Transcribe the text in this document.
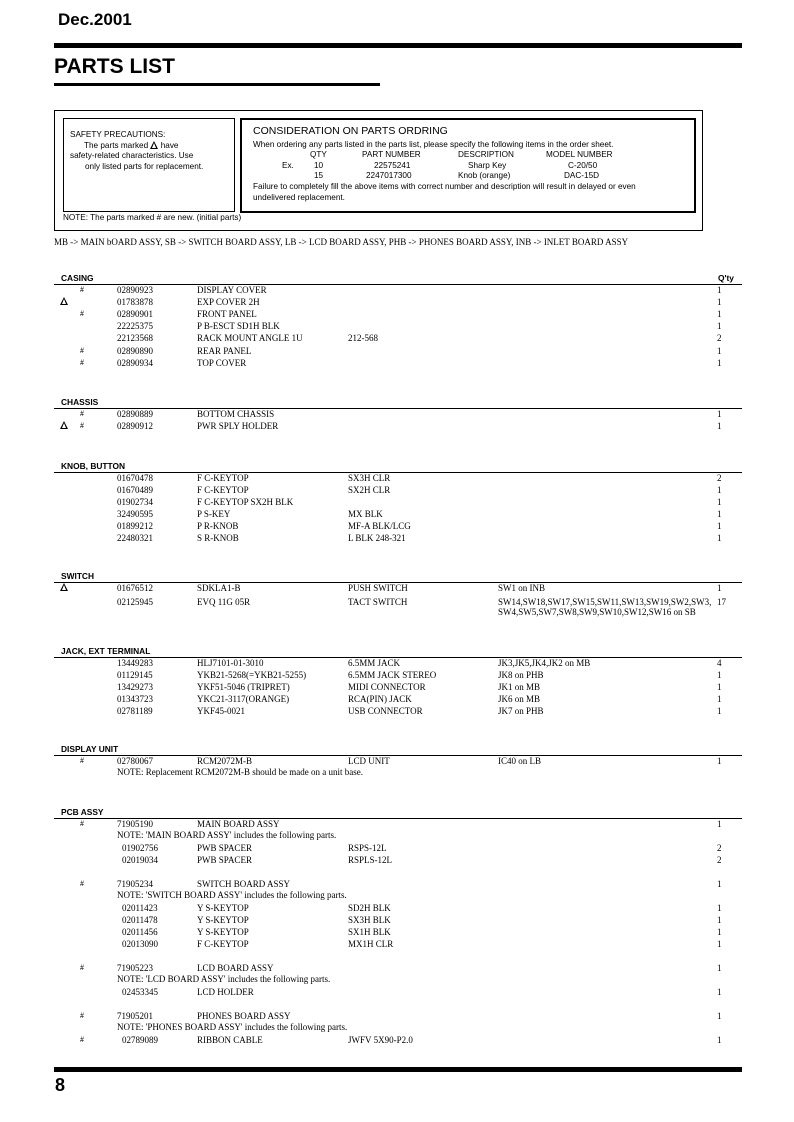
Dec.2001
PARTS LIST
SAFETY PRECAUTIONS:
The parts marked have
safety-related characteristics. Use
only listed parts for replacement.
CONSIDERATION ON PARTS ORDRING
When ordering any parts listed in the parts list, please specify the following items in the order sheet.
QTY	PART NUMBER	DESCRIPTION	MODEL NUMBER
Ex. 10	22575241	Sharp Key	C-20/50
15	2247017300	Knob (orange)	DAC-15D
Failure to completely fill the above items with correct number and description will result in delayed or even
undelivered replacement.
NOTE: The parts marked # are new. (initial parts)
MB -> MAIN bOARD ASSY, SB -> SWITCH BOARD ASSY, LB -> LCD BOARD ASSY, PHB -> PHONES BOARD ASSY, INB -> INLET BOARD ASSY
CASING	Q'ty
#	02890923	DISPLAY COVER	1
01783878	EXP COVER 2H	1
#	02890901	FRONT PANEL	1
22225375	P B-ESCT SD1H BLK	1
22123568	RACK MOUNT ANGLE 1U	212-568	2
#	02890890	REAR PANEL	1
#	02890934	TOP COVER	1
CHASSIS
#	02890889	BOTTOM CHASSIS	1
#	02890912	PWR SPLY HOLDER	1
KNOB, BUTTON
01670478	F C-KEYTOP	SX3H CLR	2
01670489	F C-KEYTOP	SX2H CLR	1
01902734	F C-KEYTOP SX2H BLK	1
32490595	P S-KEY	MX BLK	1
01899212	P R-KNOB	MF-A BLK/LCG	1
22480321	S R-KNOB	L BLK 248-321	1
SWITCH
01676512	SDKLA1-B	PUSH SWITCH	SW1 on INB	1
02125945	EVQ 11G 05R	TACT SWITCH	SW14,SW18,SW17,SW15,SW11,SW13,SW19,SW2,SW3, 17
SW4,SW5,SW7,SW8,SW9,SW10,SW12,SW16 on SB
JACK, EXT TERMINAL
13449283	HLJ7101-01-3010	6.5MM JACK	JK3,JK5,JK4,JK2 on MB	4
01129145	YKB21-5268(=YKB21-5255)	6.5MM JACK STEREO	JK8 on PHB	1
13429273	YKF51-5046 (TRIPRET)	MIDI CONNECTOR	JK1 on MB	1
01343723	YKC21-3117(ORANGE)	RCA(PIN) JACK	JK6 on MB	1
02781189	YKF45-0021	USB CONNECTOR	JK7 on PHB	1
DISPLAY UNIT
#	02780067	RCM2072M-B	LCD UNIT	IC40 on LB	1
NOTE: Replacement RCM2072M-B should be made on a unit base.
PCB ASSY
#	71905190	MAIN BOARD ASSY	1
NOTE: 'MAIN BOARD ASSY' includes the following parts.
01902756	PWB SPACER	RSPS-12L	2
02019034	PWB SPACER	RSPLS-12L	2
#	71905234	SWITCH BOARD ASSY	1
NOTE: 'SWITCH BOARD ASSY' includes the following parts.
02011423	Y S-KEYTOP	SD2H BLK	1
02011478	Y S-KEYTOP	SX3H BLK	1
02011456	Y S-KEYTOP	SX1H BLK	1
02013090	F C-KEYTOP	MX1H CLR	1
#	71905223	LCD BOARD ASSY	1
NOTE: 'LCD BOARD ASSY' includes the following parts.
02453345	LCD HOLDER	1
#	71905201	PHONES BOARD ASSY	1
NOTE: 'PHONES BOARD ASSY' includes the following parts.
#	02789089	RIBBON CABLE	JWFV 5X90-P2.0	1
8
